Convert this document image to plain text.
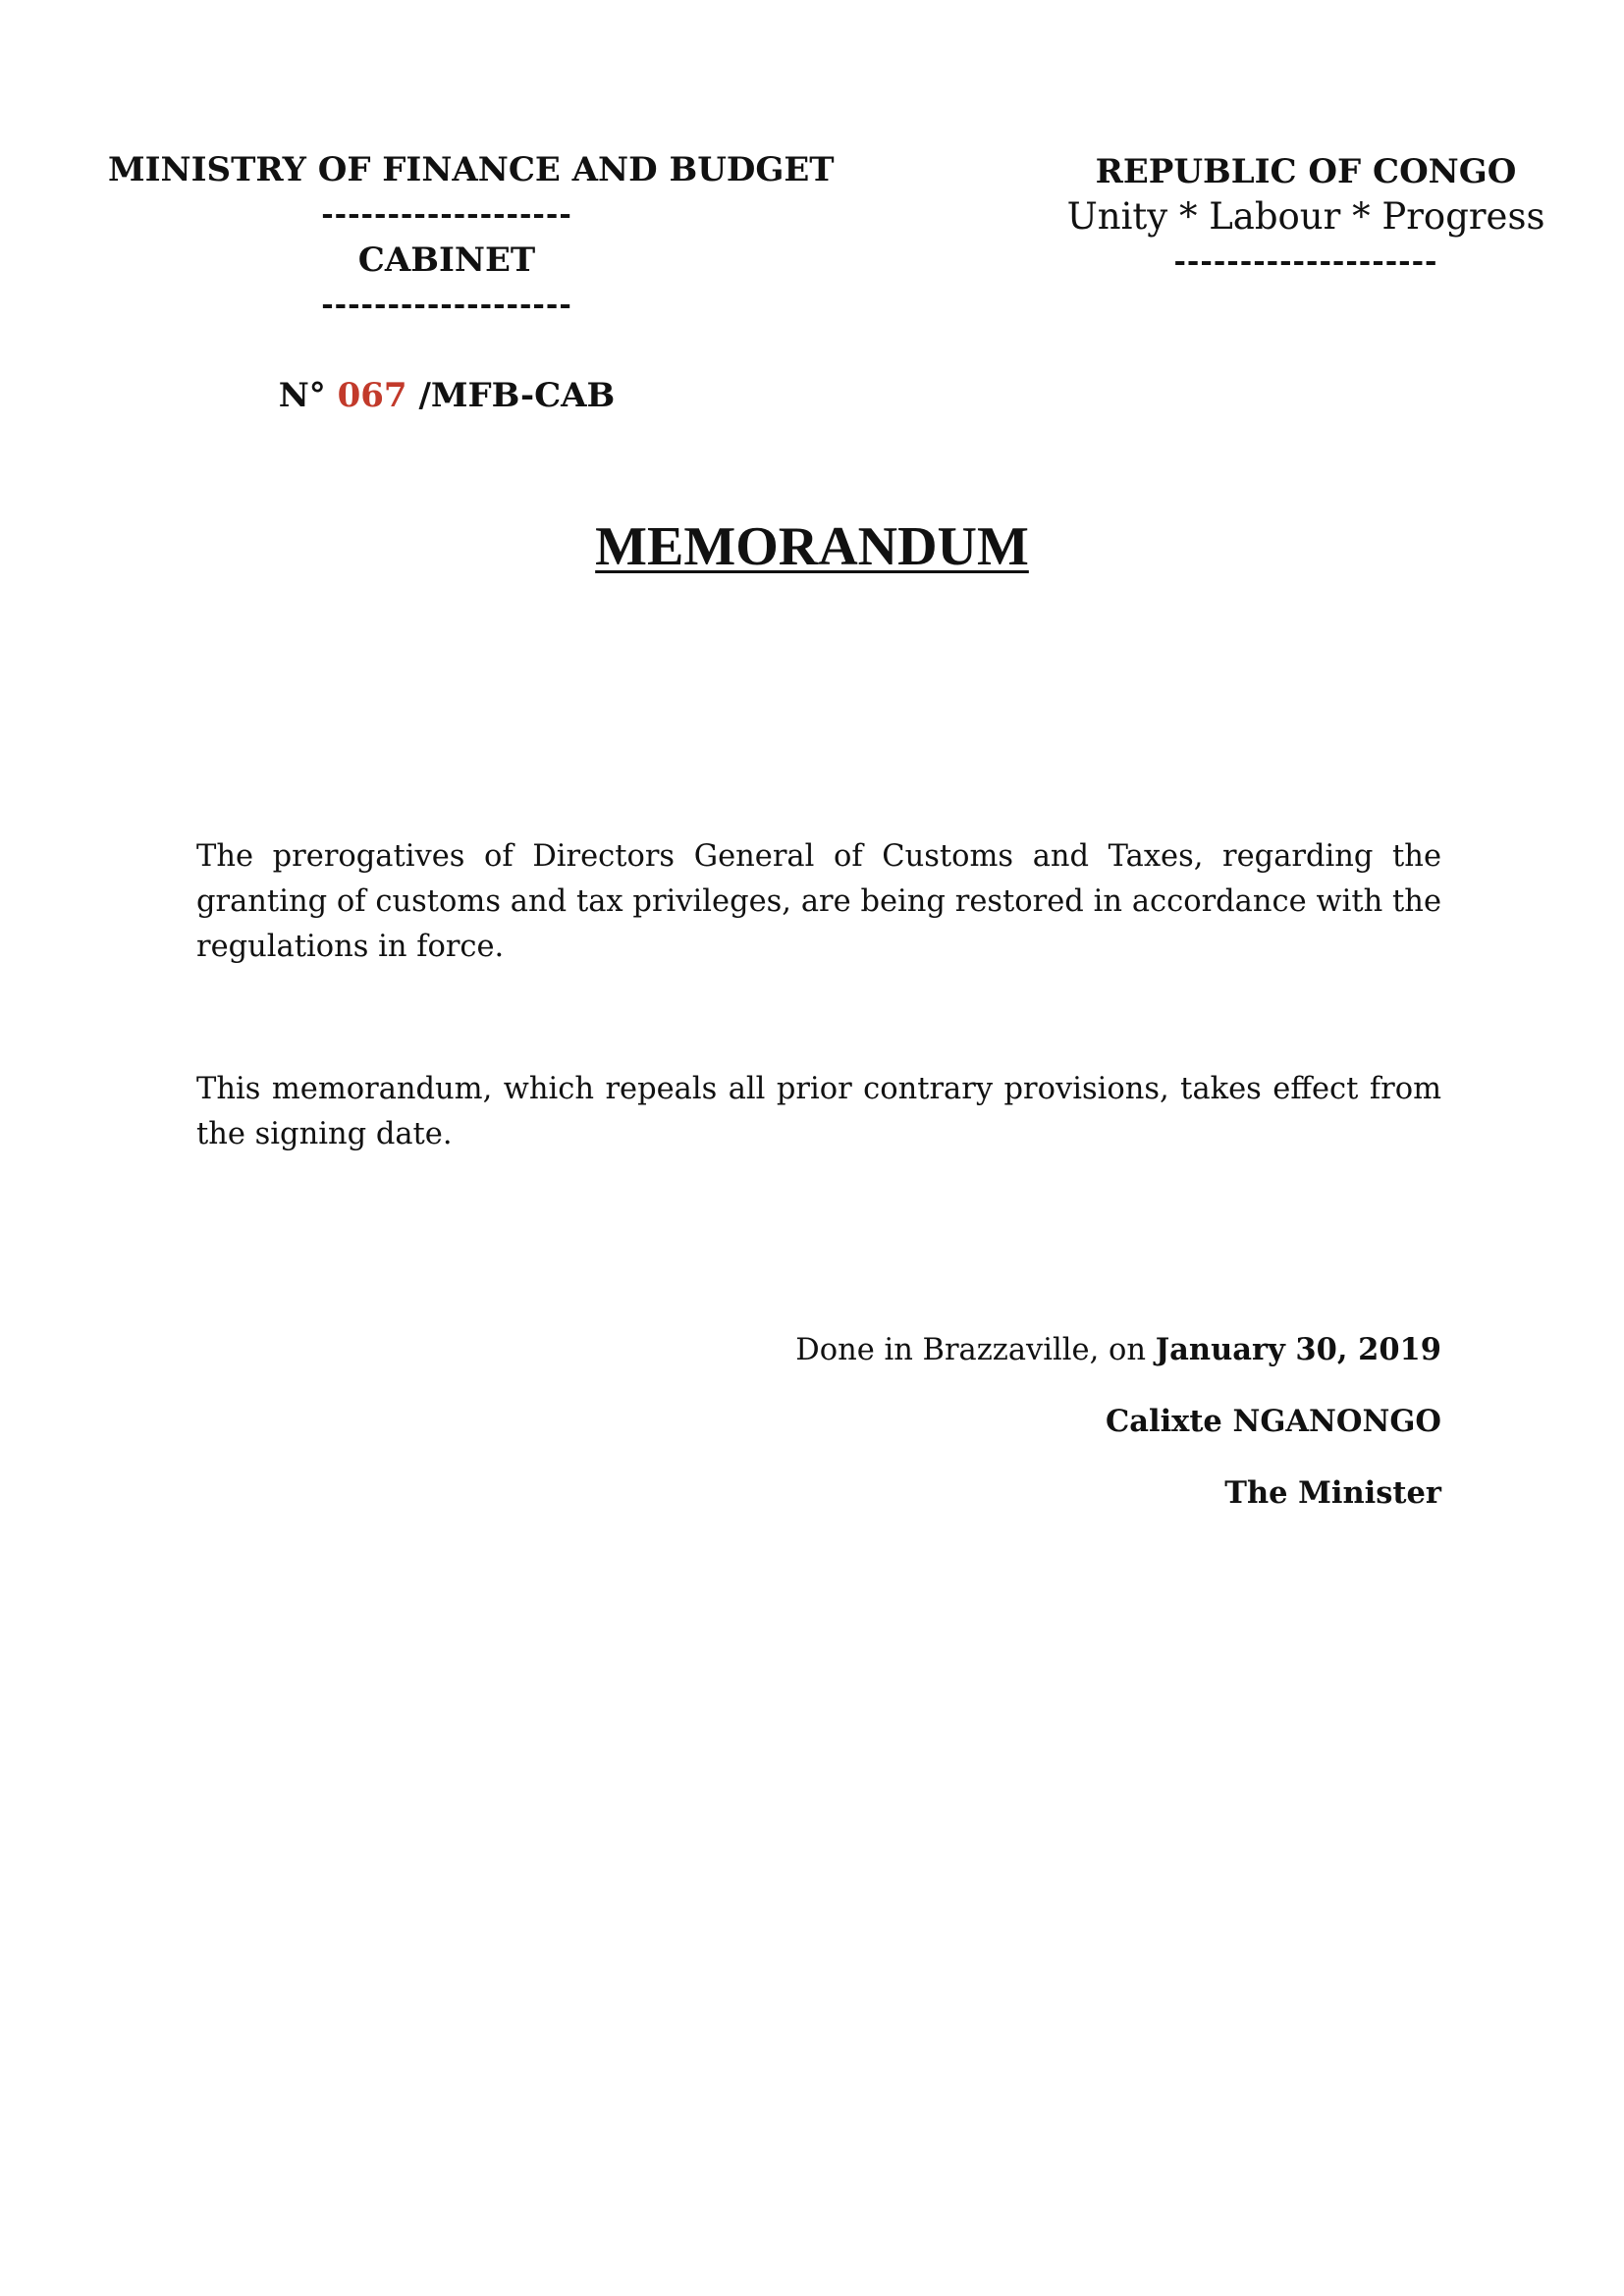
MINISTRY OF FINANCE AND BUDGET
-------------------
CABINET
-------------------
REPUBLIC OF CONGO
Unity * Labour * Progress
--------------------
N° 067 /MFB-CAB
MEMORANDUM
The prerogatives of Directors General of Customs and Taxes, regarding the granting of customs and tax privileges, are being restored in accordance with the regulations in force.
This memorandum, which repeals all prior contrary provisions, takes effect from the signing date.
Done in Brazzaville, on January 30, 2019
Calixte NGANONGO
The Minister
